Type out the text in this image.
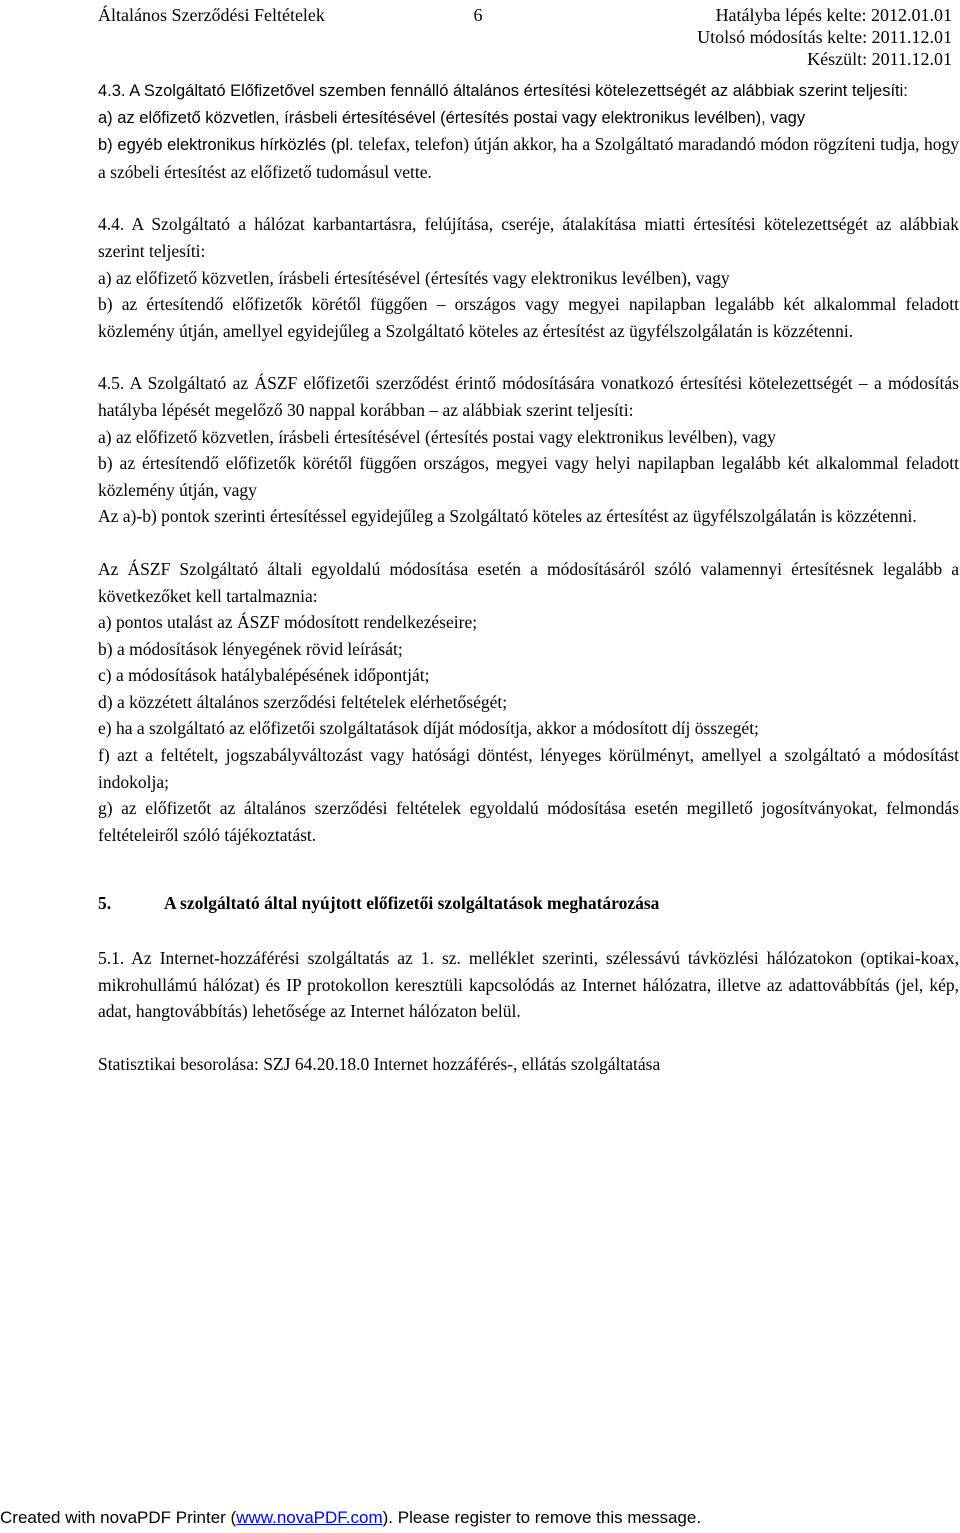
Általános Szerződési Feltételek	6	Hatályba lépés kelte: 2012.01.01
Utolsó módosítás kelte: 2011.12.01
Készült: 2011.12.01

4.3. A Szolgáltató Előfizetővel szemben fennálló általános értesítési kötelezettségét az alábbiak szerint teljesíti:

a) az előfizető közvetlen, írásbeli értesítésével (értesítés postai vagy elektronikus levélben), vagy

b) egyéb elektronikus hírközlés (pl. telefax, telefon) útján akkor, ha a Szolgáltató maradandó módon rögzíteni tudja, hogy a szóbeli értesítést az előfizető tudomásul vette.

4.4. A Szolgáltató a hálózat karbantartásra, felújítása, cseréje, átalakítása miatti értesítési kötelezettségét az alábbiak szerint teljesíti:

a) az előfizető közvetlen, írásbeli értesítésével (értesítés vagy elektronikus levélben), vagy

b) az értesítendő előfizetők körétől függően – országos vagy megyei napilapban legalább két alkalommal feladott közlemény útján, amellyel egyidejűleg a Szolgáltató köteles az értesítést az ügyfélszolgálatán is közzétenni.

4.5. A Szolgáltató az ÁSZF előfizetői szerződést érintő módosítására vonatkozó értesítési kötelezettségét – a módosítás hatályba lépését megelőző 30 nappal korábban – az alábbiak szerint teljesíti:

a) az előfizető közvetlen, írásbeli értesítésével (értesítés postai vagy elektronikus levélben), vagy

b) az értesítendő előfizetők körétől függően országos, megyei vagy helyi napilapban legalább két alkalommal feladott közlemény útján, vagy

Az a)-b) pontok szerinti értesítéssel egyidejűleg a Szolgáltató köteles az értesítést az ügyfélszolgálatán is közzétenni.

Az ÁSZF Szolgáltató általi egyoldalú módosítása esetén a módosításáról szóló valamennyi értesítésnek legalább a következőket kell tartalmaznia:

a) pontos utalást az ÁSZF módosított rendelkezéseire;

b) a módosítások lényegének rövid leírását;

c) a módosítások hatálybalépésének időpontját;

d) a közzétett általános szerződési feltételek elérhetőségét;

e) ha a szolgáltató az előfizetői szolgáltatások díját módosítja, akkor a módosított díj összegét;

f) azt a feltételt, jogszabályváltozást vagy hatósági döntést, lényeges körülményt, amellyel a szolgáltató a módosítást indokolja;

g) az előfizetőt az általános szerződési feltételek egyoldalú módosítása esetén megillető jogosítványokat, felmondás feltételeiről szóló tájékoztatást.

5.	A szolgáltató által nyújtott előfizetői szolgáltatások meghatározása

5.1. Az Internet-hozzáférési szolgáltatás az 1. sz. melléklet szerinti, szélessávú távközlési hálózatokon (optikai-koax, mikrohullámú hálózat) és IP protokollon keresztüli kapcsolódás az Internet hálózatra, illetve az adattovábbítás (jel, kép, adat, hangtovábbítás) lehetősége az Internet hálózaton belül.

Statisztikai besorolása: SZJ 64.20.18.0 Internet hozzáférés-, ellátás szolgáltatása

Created with novaPDF Printer (www.novaPDF.com). Please register to remove this message.
